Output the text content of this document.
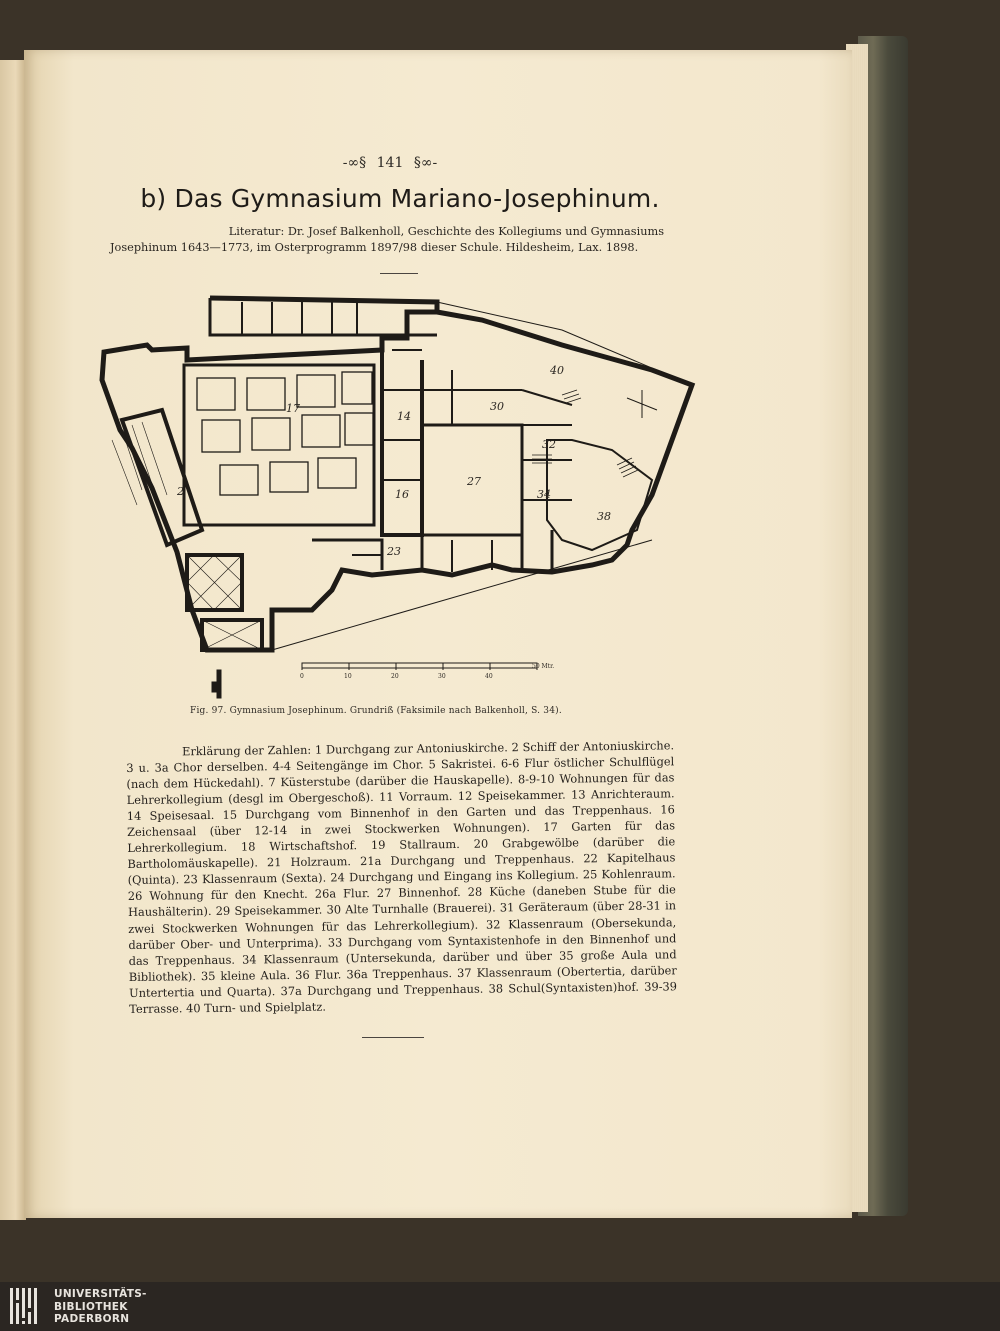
-∞§ 141 §∞-
b) Das Gymnasium Mariano-Josephinum.
Literatur: Dr. Josef Balkenholl, Geschichte des Kollegiums und Gymnasiums
Josephinum 1643—1773, im Osterprogramm 1897/98 dieser Schule. Hildesheim, Lax. 1898.
27
38
40
17
2	16
14
23
32
34
30
0	10	20	30	40
50 Mtr.
Fig. 97. Gymnasium Josephinum. Grundriß (Faksimile nach Balkenholl, S. 34).

Erklärung der Zahlen: 1 Durchgang zur Antoniuskirche. 2 Schiff der Antoniuskirche. 3 u. 3a Chor derselben. 4-4 Seitengänge im Chor. 5 Sakristei. 6-6 Flur östlicher Schulflügel (nach dem Hückedahl). 7 Küsterstube (darüber die Hauskapelle). 8-9-10 Wohnungen für das Lehrerkollegium (desgl im Obergeschoß). 11 Vorraum. 12 Speisekammer. 13 Anrichteraum. 14 Speisesaal. 15 Durchgang vom Binnenhof in den Garten und das Treppenhaus. 16 Zeichensaal (über 12-14 in zwei Stockwerken Wohnungen). 17 Garten für das Lehrerkollegium. 18 Wirtschaftshof. 19 Stallraum. 20 Grabgewölbe (darüber die Bartholomäuskapelle). 21 Holzraum. 21a Durchgang und Treppenhaus. 22 Kapitelhaus (Quinta). 23 Klassenraum (Sexta). 24 Durchgang und Eingang ins Kollegium. 25 Kohlenraum. 26 Wohnung für den Knecht. 26a Flur. 27 Binnenhof. 28 Küche (daneben Stube für die Haushälterin). 29 Speisekammer. 30 Alte Turnhalle (Brauerei). 31 Geräteraum (über 28-31 in zwei Stockwerken Wohnungen für das Lehrerkollegium). 32 Klassenraum (Obersekunda, darüber Ober- und Unterprima). 33 Durchgang vom Syntaxistenhofe in den Binnenhof und das Treppenhaus. 34 Klassenraum (Untersekunda, darüber und über 35 große Aula und Bibliothek). 35 kleine Aula. 36 Flur. 36a Treppenhaus. 37 Klassenraum (Obertertia, darüber Untertertia und Quarta). 37a Durchgang und Treppenhaus. 38 Schul(Syntaxisten)hof. 39-39 Terrasse. 40 Turn- und Spielplatz.

UNIVERSITÄTS-
BIBLIOTHEK
PADERBORN
